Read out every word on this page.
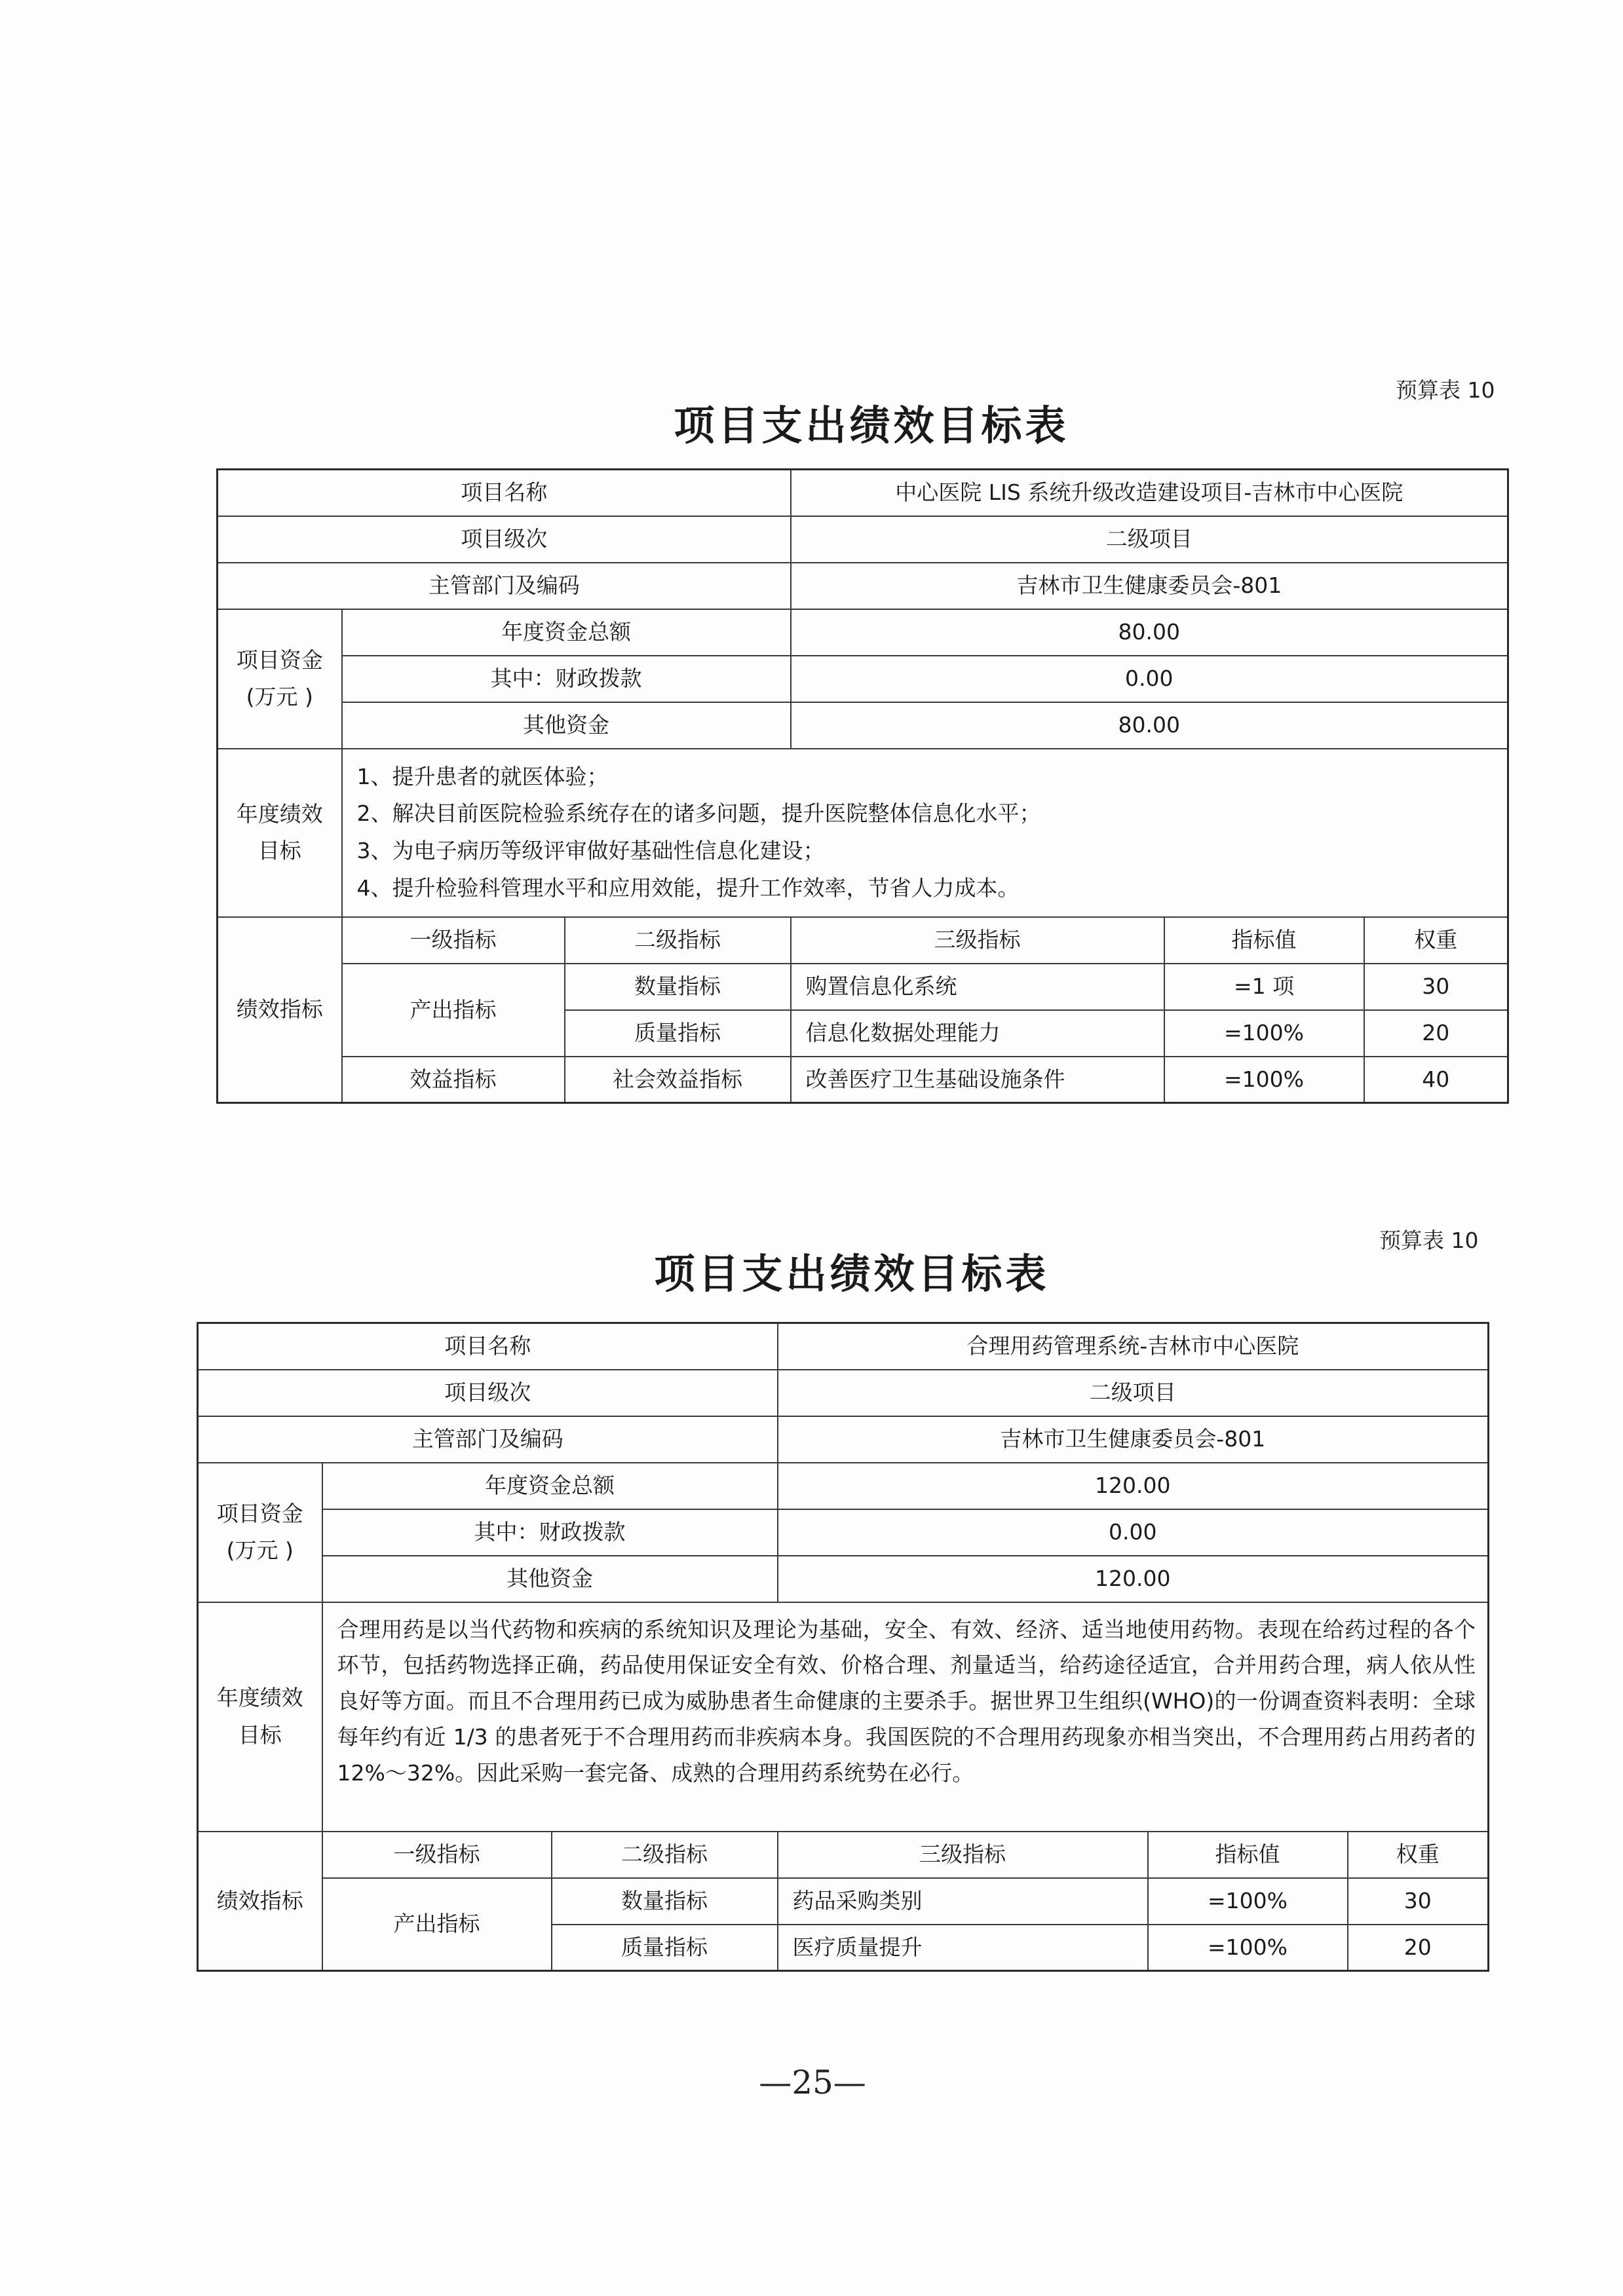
预算表 10
项目支出绩效目标表
项目名称			中心医院 LIS 系统升级改造建设项目-吉林市中心医院		
项目级次			二级项目		
主管部门及编码			吉林市卫生健康委员会-801		
项目资金
(万元 )	年度资金总额		80.00		
	其中：财政拨款		0.00		
	其他资金		80.00		
年度绩效
目标	1、提升患者的就医体验；
2、解决目前医院检验系统存在的诸多问题，提升医院整体信息化水平；
3、为电子病历等级评审做好基础性信息化建设；
4、提升检验科管理水平和应用效能，提升工作效率，节省人力成本。				

绩效指标	一级指标	二级指标	三级指标	指标值	权重
	产出指标	数量指标	购置信息化系统	=1 项	30
		质量指标	信息化数据处理能力	=100%	20
	效益指标	社会效益指标	改善医疗卫生基础设施条件	=100%	40
预算表 10
项目支出绩效目标表
项目名称			合理用药管理系统-吉林市中心医院		
项目级次			二级项目		
主管部门及编码			吉林市卫生健康委员会-801		
项目资金
(万元 )	年度资金总额		120.00		
	其中：财政拨款		0.00		
	其他资金		120.00		
年度绩效
目标	合理用药是以当代药物和疾病的系统知识及理论为基础，安全、有效、经济、适当地使用药物。表现在给药过程的各个环节，包括药物选择正确，药品使用保证安全有效、价格合理、剂量适当，给药途径适宜，合并用药合理，病人依从性良好等方面。而且不合理用药已成为威胁患者生命健康的主要杀手。据世界卫生组织(WHO)的一份调查资料表明：全球每年约有近 1/3 的患者死于不合理用药而非疾病本身。我国医院的不合理用药现象亦相当突出，不合理用药占用药者的 12%～32%。因此采购一套完备、成熟的合理用药系统势在必行。				
绩效指标	一级指标	二级指标	三级指标	指标值	权重
	产出指标	数量指标	药品采购类别	=100%	30
		质量指标	医疗质量提升	=100%	20
—25—
